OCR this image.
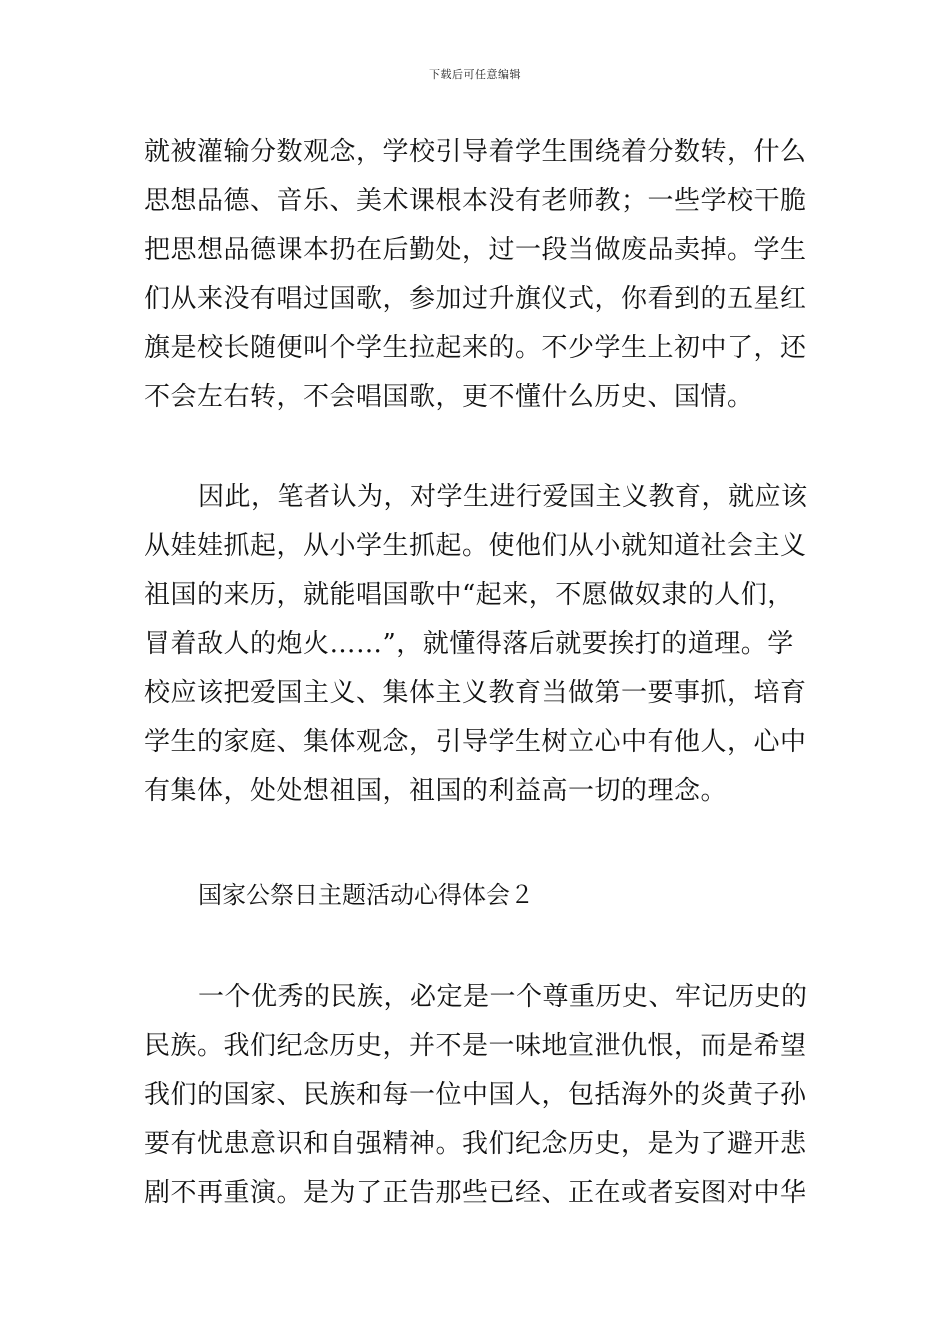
下载后可任意编辑
就被灌输分数观念，学校引导着学生围绕着分数转，什么
思想品德、音乐、美术课根本没有老师教；一些学校干脆
把思想品德课本扔在后勤处，过一段当做废品卖掉。学生
们从来没有唱过国歌，参加过升旗仪式，你看到的五星红
旗是校长随便叫个学生拉起来的。不少学生上初中了，还
不会左右转，不会唱国歌，更不懂什么历史、国情。
因此，笔者认为，对学生进行爱国主义教育，就应该
从娃娃抓起，从小学生抓起。使他们从小就知道社会主义
祖国的来历，就能唱国歌中“起来，不愿做奴隶的人们，
冒着敌人的炮火……”，就懂得落后就要挨打的道理。学
校应该把爱国主义、集体主义教育当做第一要事抓，培育
学生的家庭、集体观念，引导学生树立心中有他人，心中
有集体，处处想祖国，祖国的利益高一切的理念。
国家公祭日主题活动心得体会２
一个优秀的民族，必定是一个尊重历史、牢记历史的
民族。我们纪念历史，并不是一味地宣泄仇恨，而是希望
我们的国家、民族和每一位中国人，包括海外的炎黄子孙
要有忧患意识和自强精神。我们纪念历史，是为了避开悲
剧不再重演。是为了正告那些已经、正在或者妄图对中华
